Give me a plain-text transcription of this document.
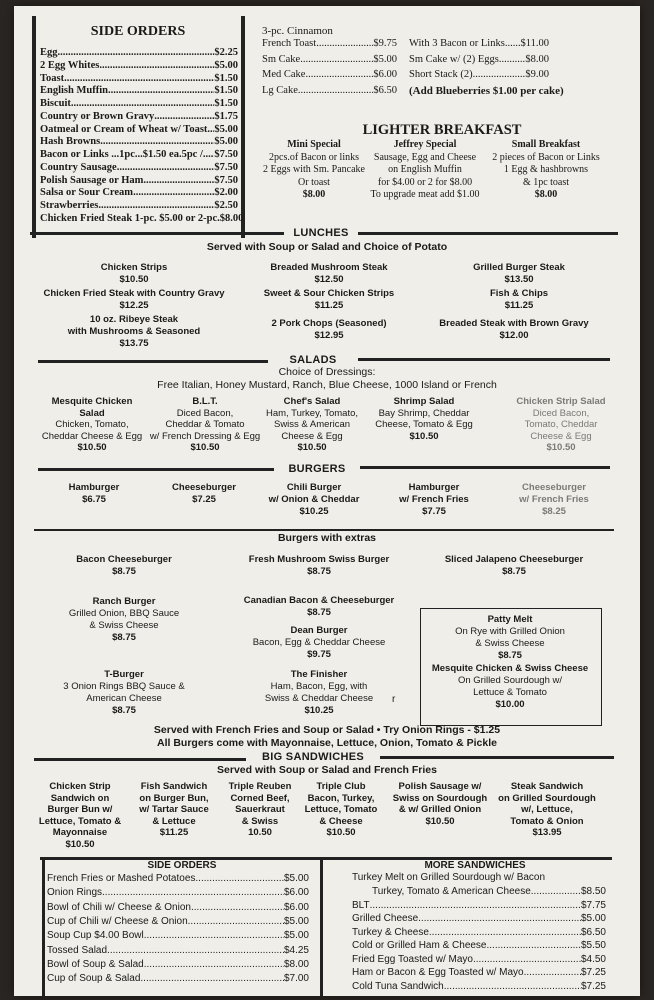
SIDE ORDERS	3-pc. Cinnamon
(Add Blueberries $1.00 per cake)
LIGHTER BREAKFAST
LUNCHES
Served with Soup or Salad and Choice of Potato
SALADS
Choice of Dressings:
Free Italian, Honey Mustard, Ranch, Blue Cheese, 1000 Island or French
BURGERS
Burgers with extras
Served with French Fries and Soup or Salad • Try Onion Rings - $1.25
All Burgers come with Mayonnaise, Lettuce, Onion, Tomato & Pickle
BIG SANDWICHES
Served with Soup or Salad and French Fries
SIDE ORDERS	MORE SANDWICHES
Turkey Melt on Grilled Sourdough w/ Bacon
Egg .....	$2.25
2 Egg Whites .....	$5.00
Toast .....	$1.50
English Muffin .....	$1.50
Biscuit .....	$1.50
Country or Brown Gravy .....	$1.75
Oatmeal or Cream of Wheat w/ Toast ..... $5.00
Hash Browns .....	$5.00
Bacon or Links ...1pc...$1.50 ea.5pc / ..... $7.50
Country Sausage .....	$7.50
Polish Sausage or Ham .....	$7.50
Salsa or Sour Cream .....	$2.00
Strawberries .....	$2.50
Chicken Fried Steak 1-pc. $5.00 or 2-pc. $8.00
French Toast .....	$9.75
Sm Cake .....	$5.00
Med Cake .....	$6.00
Lg Cake .....	$6.50
With 3 Bacon or Links ..... $11.00
Sm Cake w/ (2) Eggs .....	$8.00
Short Stack (2) .....	$9.00
Mini Special
2pcs.of Bacon or links
2 Eggs with Sm. Pancake
Or toast
$8.00
Jeffrey Special
Sausage, Egg and Cheese
on English Muffin
for $4.00 or 2 for $8.00
To upgrade meat add $1.00
Small Breakfast
2 pieces of Bacon or Links
1 Egg & hashbrowns
& 1pc toast
$8.00
Chicken Strips
$10.50
Breaded Mushroom Steak
$12.50
Grilled Burger Steak
$13.50
Chicken Fried Steak with Country Gravy
$12.25
Sweet & Sour Chicken Strips
$11.25
Fish & Chips
$11.25
10 oz. Ribeye Steak
with Mushrooms & Seasoned
$13.75
2 Pork Chops (Seasoned)
$12.95
Breaded Steak with Brown Gravy
$12.00
Mesquite Chicken
Salad
Chicken, Tomato,
Cheddar Cheese & Egg
$10.50
B.L.T.
Diced Bacon,
Cheddar & Tomato
w/ French Dressing & Egg
$10.50
Chef's Salad
Ham, Turkey, Tomato,
Swiss & American
Cheese & Egg
$10.50
Shrimp Salad
Bay Shrimp, Cheddar
Cheese, Tomato & Egg
$10.50
Chicken Strip Salad
Diced Bacon,
Tomato, Cheddar
Cheese & Egg
$10.50
Hamburger
$6.75
Cheeseburger
$7.25
Chili Burger
w/ Onion & Cheddar
$10.25
Hamburger
w/ French Fries
$7.75
Cheeseburger
w/ French Fries
$8.25
Bacon Cheeseburger
$8.75
Fresh Mushroom Swiss Burger
$8.75
Sliced Jalapeno Cheeseburger
$8.75
Ranch Burger
Grilled Onion, BBQ Sauce
& Swiss Cheese
$8.75
Canadian Bacon & Cheeseburger
$8.75
Dean Burger
Bacon, Egg & Cheddar Cheese
$9.75
Patty Melt
On Rye with Grilled Onion
& Swiss Cheese
$8.75
Mesquite Chicken & Swiss Cheese
On Grilled Sourdough w/
Lettuce & Tomato
$10.00
T-Burger
3 Onion Rings BBQ Sauce &
American Cheese
$8.75
The Finisher
Ham, Bacon, Egg, with
Swiss & Cheddar Cheese
$10.25
r
Chicken Strip
Sandwich on
Burger Bun w/
Lettuce, Tomato &
Mayonnaise
$10.50
Fish Sandwich
on Burger Bun,
w/ Tartar Sauce
& Lettuce
$11.25
Triple Reuben
Corned Beef,
Sauerkraut
& Swiss
10.50
Triple Club
Bacon, Turkey,
Lettuce, Tomato
& Cheese
$10.50
Polish Sausage w/
Swiss on Sourdough
& w/ Grilled Onion
$10.50
Steak Sandwich
on Grilled Sourdough
w/, Lettuce,
Tomato & Onion
$13.95
French Fries or Mashed Potatoes .....	$5.00
Onion Rings .....	$6.00
Bowl of Chili w/ Cheese & Onion .....	$6.00
Cup of Chili w/ Cheese & Onion .....	$5.00
Soup Cup $4.00 Bowl .....	$5.00
Tossed Salad .....	$4.25
Bowl of Soup & Salad .....	$8.00
Cup of Soup & Salad .....	$7.00
Turkey, Tomato & American Cheese .....	$8.50
BLT .....	$7.75
Grilled Cheese .....	$5.00
Turkey & Cheese .....	$6.50
Cold or Grilled Ham & Cheese .....	$5.50
Fried Egg Toasted w/ Mayo .....	$4.50
Ham or Bacon & Egg Toasted w/ Mayo .....	$7.25
Cold Tuna Sandwich .....	$7.25
